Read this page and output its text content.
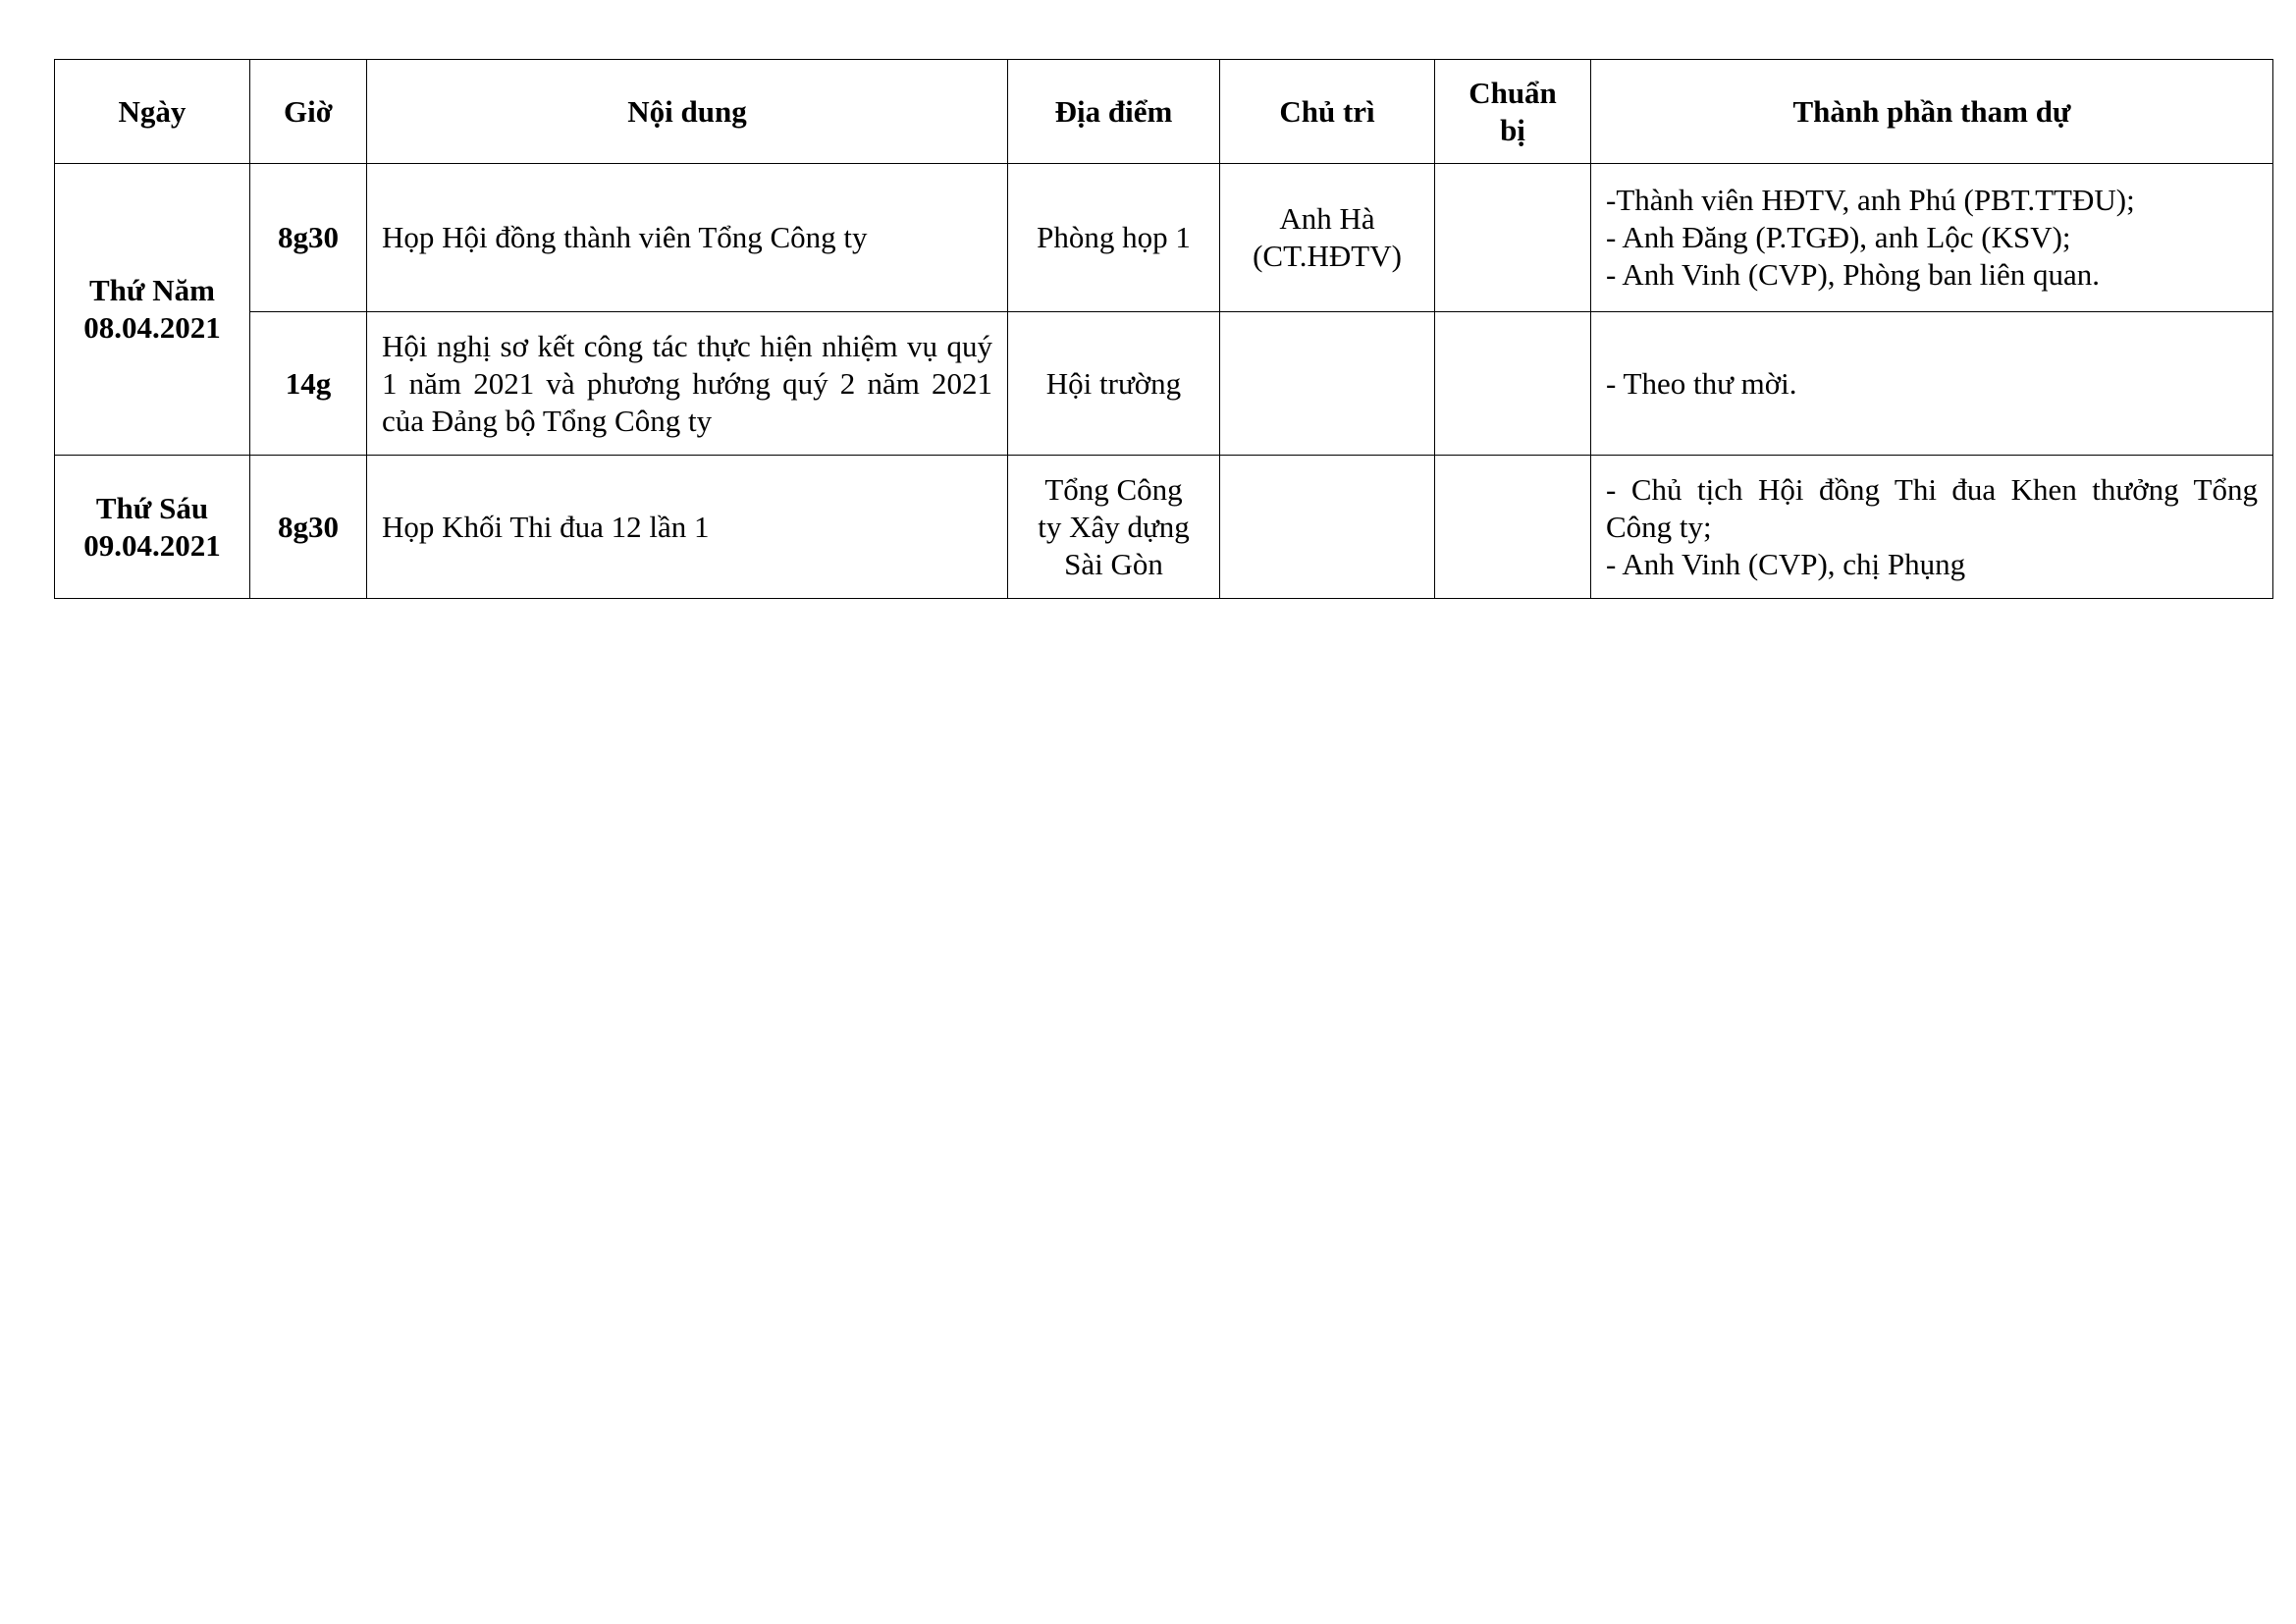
Ngày	Giờ	Nội dung	Địa điểm	Chủ trì	Chuẩn bị	Thành phần tham dự

Thứ Năm
08.04.2021	8g30	Họp Hội đồng thành viên Tổng Công ty	Phòng họp 1	Anh Hà (CT.HĐTV)		-Thành viên HĐTV, anh Phú (PBT.TTĐU);
- Anh Đăng (P.TGĐ), anh Lộc (KSV);
- Anh Vinh (CVP), Phòng ban liên quan.

	14g	Hội nghị sơ kết công tác thực hiện nhiệm vụ quý 1 năm 2021 và phương hướng quý 2 năm 2021 của Đảng bộ Tổng Công ty	Hội trường			- Theo thư mời.

Thứ Sáu
09.04.2021	8g30	Họp Khối Thi đua 12 lần 1	Tổng Công ty Xây dựng Sài Gòn			- Chủ tịch Hội đồng Thi đua Khen thưởng Tổng Công ty;
- Anh Vinh (CVP), chị Phụng
